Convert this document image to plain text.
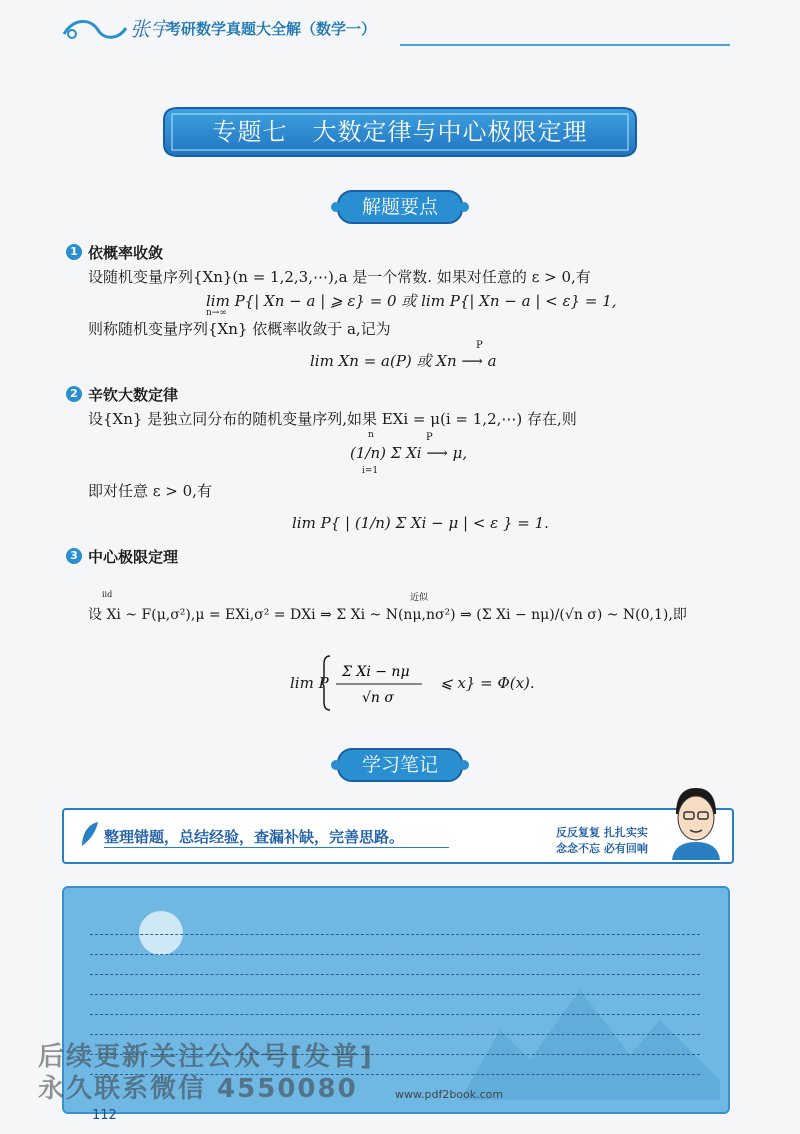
张宇
考研数学真题大全解（数学一）
专题七　大数定律与中心极限定理
解题要点
1 依概率收敛
设随机变量序列{Xn}(n = 1,2,3,⋯),a 是一个常数. 如果对任意的 ε > 0,有
lim P{| Xn − a | ⩾ ε} = 0 或 lim P{| Xn − a | < ε} = 1,
n→∞
则称随机变量序列{Xn} 依概率收敛于 a,记为
lim Xn = a(P) 或 Xn ⟶ a
P
2 辛钦大数定律
设{Xn} 是独立同分布的随机变量序列,如果 EXi = μ(i = 1,2,⋯) 存在,则
(1/n) Σ Xi ⟶ μ,
n
i=1
P
即对任意 ε > 0,有
lim P{ | (1/n) Σ Xi − μ | < ε } = 1.
3 中心极限定理
设 Xi ~ F(μ,σ²),μ = EXi,σ² = DXi ⇒ Σ Xi ~ N(nμ,nσ²) ⇒ (Σ Xi − nμ)/(√n σ) ~ N(0,1),即
iid	近似
lim P
Σ Xi − nμ
√n σ
⩽ x} = Φ(x).
学习笔记
整理错题，总结经验，查漏补缺，完善思路。	反反复复 扎扎实实
念念不忘 必有回响
后续更新关注公众号[发普]
永久联系微信 4550080	www.pdf2book.com
112
